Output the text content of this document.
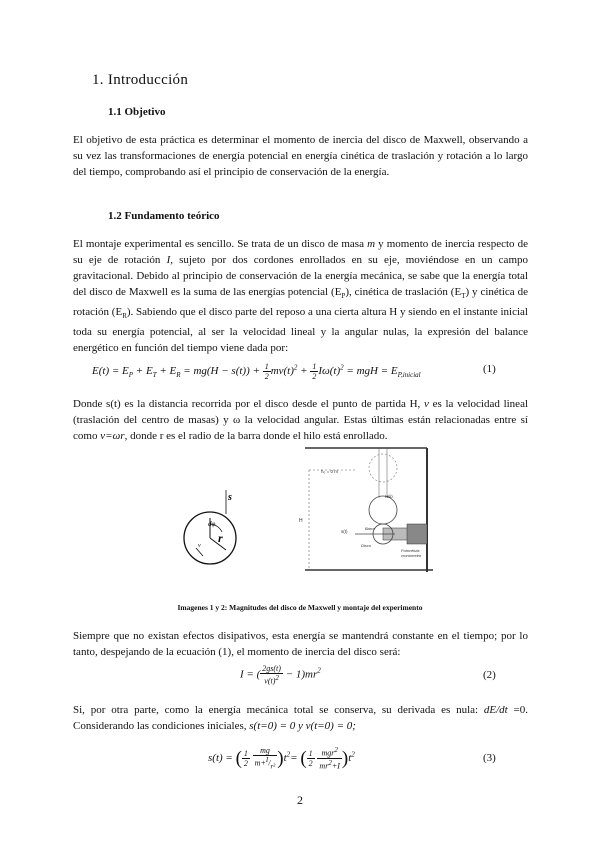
1. Introducción
1.1 Objetivo
El objetivo de esta práctica es determinar el momento de inercia del disco de Maxwell, observando a su vez las transformaciones de energía potencial en energía cinética de traslación y rotación a lo largo del tiempo, comprobando así el principio de conservación de la energía.
1.2 Fundamento teórico
El montaje experimental es sencillo. Se trata de un disco de masa m y momento de inercia respecto de su eje de rotación I, sujeto por dos cordones enrollados en su eje, moviéndose en un campo gravitacional. Debido al principio de conservación de la energía mecánica, se sabe que la energía total del disco de Maxwell es la suma de las energías potencial $(E_P)$, cinética de traslación $(E_T)$ y cinética de rotación $(E_R)$. Sabiendo que el disco parte del reposo a una cierta altura H y siendo en el instante inicial toda su energía potencial, al ser la velocidad lineal y la angular nulas, la expresión del balance energético en función del tiempo viene dada por:
$E(t) = E_P + E_T + E_R = mg(H - s(t)) + \frac{1}{2} mv(t)^2 + \frac{1}{2} I\omega(t)^2$ = mgH = $E_{P,inicial}$
(1)
Donde s(t) es la distancia recorrida por el disco desde el punto de partida H, v es la velocidad lineal (traslación del centro de masas) y ω la velocidad angular. Estas últimas están relacionadas entre sí como v=ωr, donde r es el radio de la barra donde el hilo está enrollado.
s
dφ
v
r
h₀ = 0 m
Hilo
H
s(t)
Barra
Disco
Fotocélula
cronómetro
Imagenes 1 y 2: Magnitudes del disco de Maxwell y montaje del experimento
Siempre que no existan efectos disipativos, esta energía se mantendrá constante en el tiempo; por lo tanto, despejando de la ecuación (1), el momento de inercia del disco será:
I = ( $\frac{2gs(t)}{v(t)^2} - 1)mr^2$	(2)
Si, por otra parte, como la energía mecánica total se conserva, su derivada es nula: dE/dt =0. Considerando las condiciones iniciales, s(t=0) = 0 y v(t=0) = 0;
s(t) = ( $\frac{1}{2}$
$\frac{mg}{m+^I/_{r^2}} )t^2=$ ( $\frac{1}{2}$
$\frac{mgr^2}{mr^2+I} )t^2$	(3)
2
